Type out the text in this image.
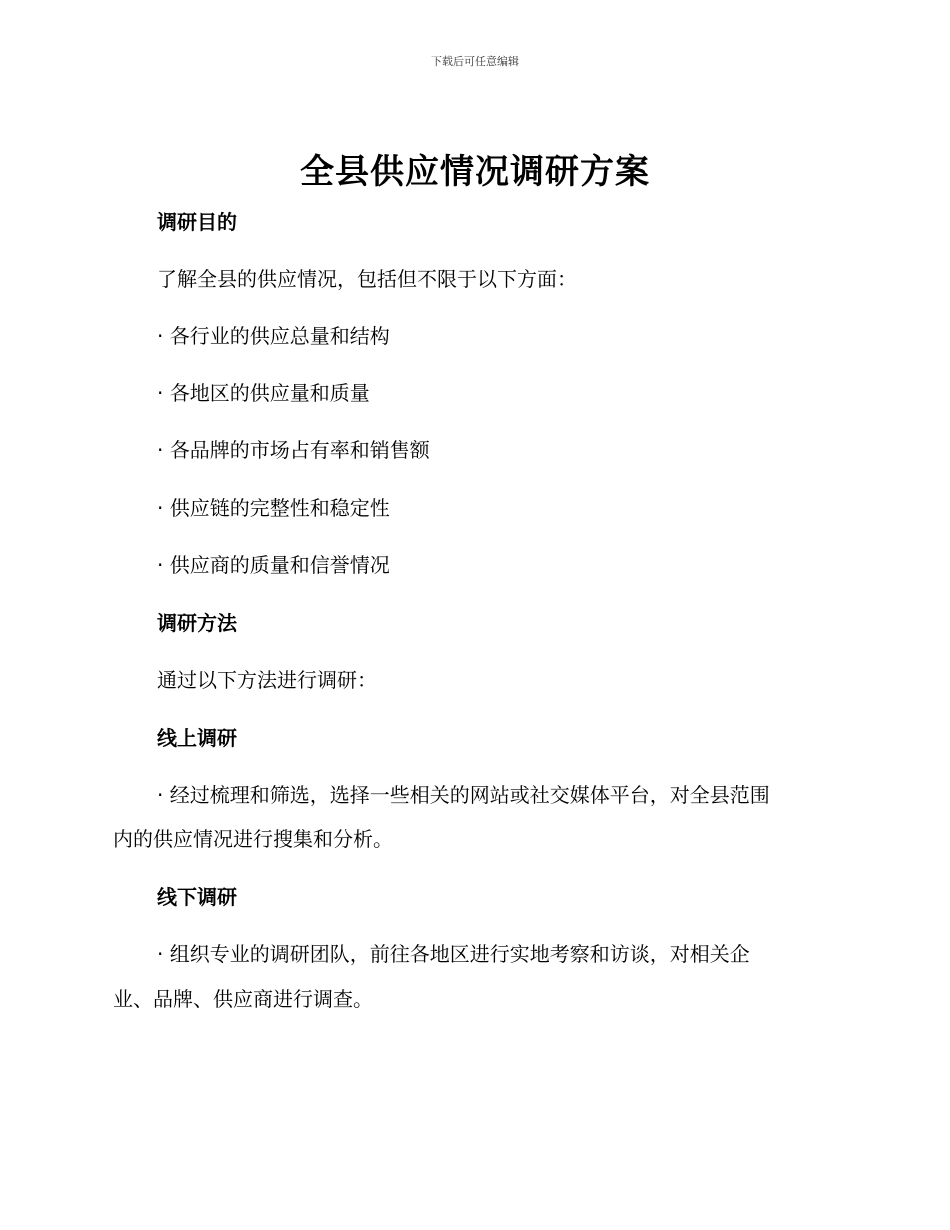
下载后可任意编辑
全县供应情况调研方案
调研目的
了解全县的供应情况，包括但不限于以下方面：
· 各行业的供应总量和结构
· 各地区的供应量和质量
· 各品牌的市场占有率和销售额
· 供应链的完整性和稳定性
· 供应商的质量和信誉情况
调研方法
通过以下方法进行调研：
线上调研
· 经过梳理和筛选，选择一些相关的网站或社交媒体平台，对全县范围
内的供应情况进行搜集和分析。
线下调研
· 组织专业的调研团队，前往各地区进行实地考察和访谈，对相关企
业、品牌、供应商进行调查。
